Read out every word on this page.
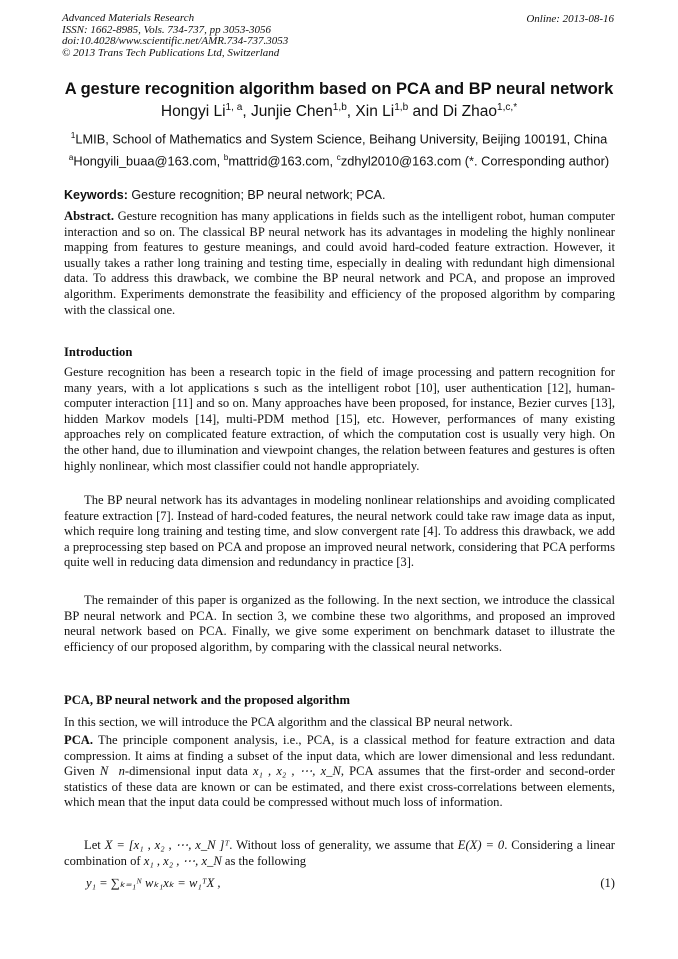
Advanced Materials Research
ISSN: 1662-8985, Vols. 734-737, pp 3053-3056
doi:10.4028/www.scientific.net/AMR.734-737.3053
© 2013 Trans Tech Publications Ltd, Switzerland
Online: 2013-08-16
A gesture recognition algorithm based on PCA and BP neural network
Hongyi Li$^{1, a}$, Junjie Chen$^{1,b}$, Xin Li$^{1,b}$ and Di Zhao$^{1,c,*}$
$^1$LMIB, School of Mathematics and System Science, Beihang University, Beijing 100191, China
$^a$Hongyili_buaa@163.com, $^b$mattrid@163.com, $^c$zdhyl2010@163.com (*. Corresponding author)
Keywords: Gesture recognition; BP neural network; PCA.
Abstract. Gesture recognition has many applications in fields such as the intelligent robot, human computer interaction and so on. The classical BP neural network has its advantages in modeling the highly nonlinear mapping from features to gesture meanings, and could avoid hard-coded feature extraction. However, it usually takes a rather long training and testing time, especially in dealing with redundant high dimensional data. To address this drawback, we combine the BP neural network and PCA, and propose an improved algorithm. Experiments demonstrate the feasibility and efficiency of the proposed algorithm by comparing with the classical one.
Introduction
Gesture recognition has been a research topic in the field of image processing and pattern recognition for many years, with a lot applications s such as the intelligent robot [10], user authentication [12], human-computer interaction [11] and so on. Many approaches have been proposed, for instance, Bezier curves [13], hidden Markov models [14], multi-PDM method [15], etc. However, performances of many existing approaches rely on complicated feature extraction, of which the computation cost is usually very high. On the other hand, due to illumination and viewpoint changes, the relation between features and gestures is often highly nonlinear, which most classifier could not handle appropriately.
The BP neural network has its advantages in modeling nonlinear relationships and avoiding complicated feature extraction [7]. Instead of hard-coded features, the neural network could take raw image data as input, which require long training and testing time, and slow convergent rate [4]. To address this drawback, we add a preprocessing step based on PCA and propose an improved neural network, considering that PCA performs quite well in reducing data dimension and redundancy in practice [3].
The remainder of this paper is organized as the following. In the next section, we introduce the classical BP neural network and PCA. In section 3, we combine these two algorithms, and proposed an improved neural network based on PCA. Finally, we give some experiment on benchmark dataset to illustrate the efficiency of our proposed algorithm, by comparing with the classical neural networks.
PCA, BP neural network and the proposed algorithm
In this section, we will introduce the PCA algorithm and the classical BP neural network.
PCA. The principle component analysis, i.e., PCA, is a classical method for feature extraction and data compression. It aims at finding a subset of the input data, which are lower dimensional and less redundant. Given N n-dimensional input data x₁ , x₂ , ⋯, x_N, PCA assumes that the first-order and second-order statistics of these data are known or can be estimated, and there exist cross-correlations between elements, which mean that the input data could be compressed without much loss of information.
Let X = [x₁ , x₂ , ⋯, x_N ]ᵀ. Without loss of generality, we assume that E(X) = 0. Considering a linear combination of x₁ , x₂ , ⋯, x_N as the following
y₁ = ∑ₖ₌₁ᴺ wₖ₁xₖ = w₁ᵀX ,	(1)
